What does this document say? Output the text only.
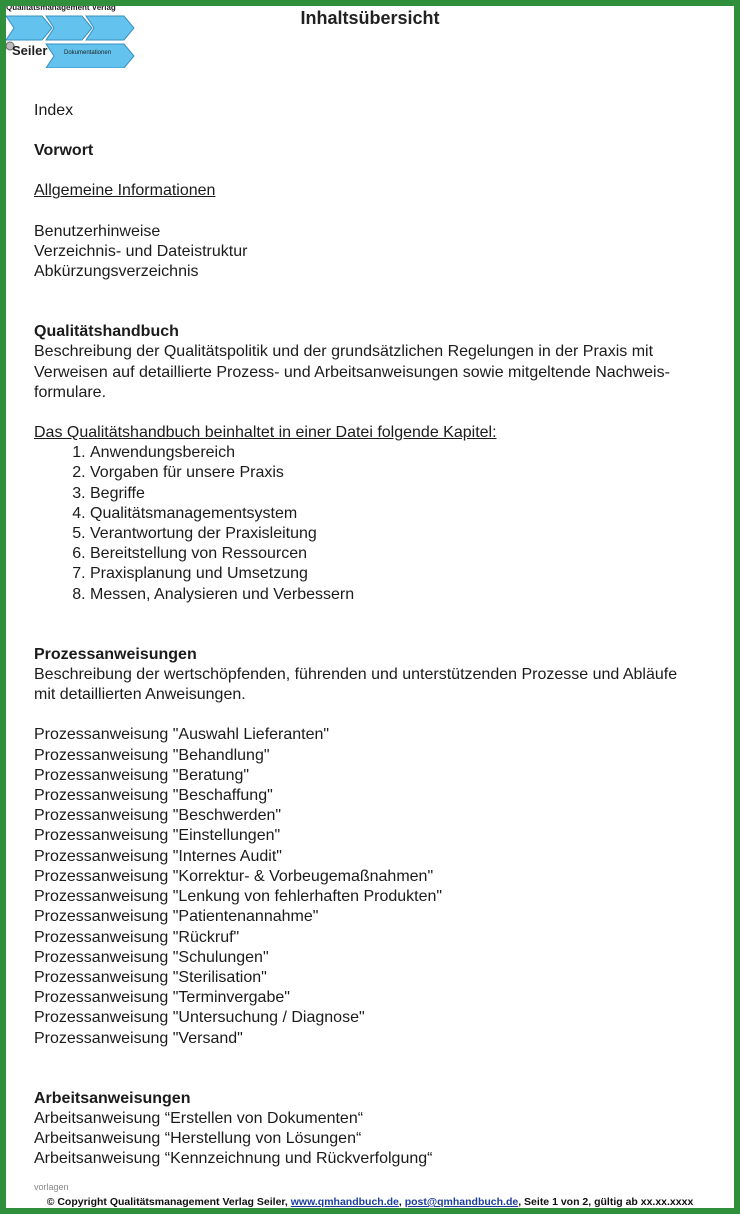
Qualitätsmanagement Verlag
Seiler	Dokumentationen
Inhaltsübersicht

Index

Vorwort

Allgemeine Informationen

Benutzerhinweise

Verzeichnis- und Dateistruktur

Abkürzungsverzeichnis

Qualitätshandbuch

Beschreibung der Qualitätspolitik und der grundsätzlichen Regelungen in der Praxis mit

Verweisen auf detaillierte Prozess- und Arbeitsanweisungen sowie mitgeltende Nachweis-

formulare.

Das Qualitätshandbuch beinhaltet in einer Datei folgende Kapitel:

1. Anwendungsbereich
2. Vorgaben für unsere Praxis
3. Begriffe
4. Qualitätsmanagementsystem
5. Verantwortung der Praxisleitung
6. Bereitstellung von Ressourcen
7. Praxisplanung und Umsetzung
8. Messen, Analysieren und Verbessern

Prozessanweisungen

Beschreibung der wertschöpfenden, führenden und unterstützenden Prozesse und Abläufe

mit detaillierten Anweisungen.

Prozessanweisung "Auswahl Lieferanten"

Prozessanweisung "Behandlung"

Prozessanweisung "Beratung"

Prozessanweisung "Beschaffung"

Prozessanweisung "Beschwerden"

Prozessanweisung "Einstellungen"

Prozessanweisung "Internes Audit"

Prozessanweisung "Korrektur- & Vorbeugemaßnahmen"

Prozessanweisung "Lenkung von fehlerhaften Produkten"

Prozessanweisung "Patientenannahme"

Prozessanweisung "Rückruf"

Prozessanweisung "Schulungen"

Prozessanweisung "Sterilisation"

Prozessanweisung "Terminvergabe"

Prozessanweisung "Untersuchung / Diagnose"

Prozessanweisung "Versand"

Arbeitsanweisungen

Arbeitsanweisung “Erstellen von Dokumenten“

Arbeitsanweisung “Herstellung von Lösungen“

Arbeitsanweisung “Kennzeichnung und Rückverfolgung“

vorlagen
© Copyright Qualitätsmanagement Verlag Seiler, www.qmhandbuch.de, post@qmhandbuch.de, Seite 1 von 2, gültig ab xx.xx.xxxx
